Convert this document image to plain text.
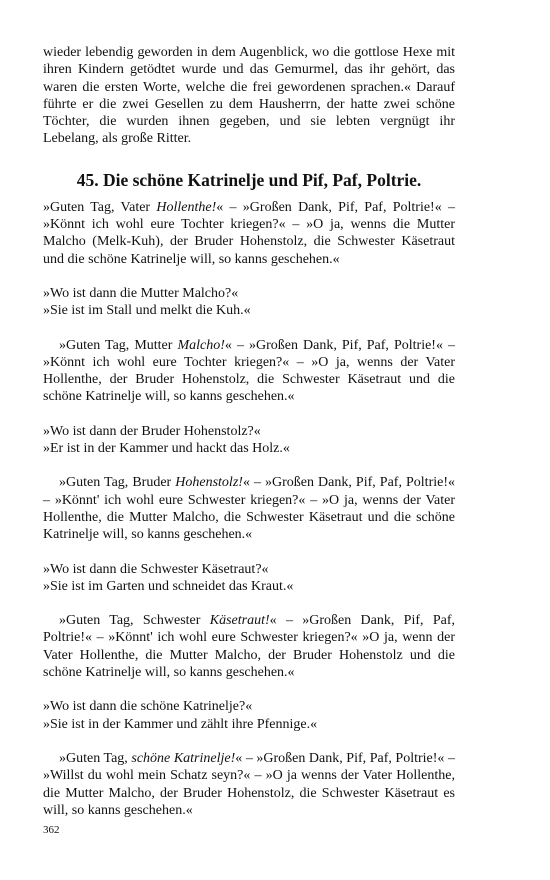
wieder lebendig geworden in dem Augenblick, wo die gottlose Hexe mit ihren Kindern getödtet wurde und das Gemurmel, das ihr gehört, das waren die ersten Worte, welche die frei gewordenen sprachen.« Darauf führte er die zwei Gesellen zu dem Hausherrn, der hatte zwei schöne Töchter, die wurden ihnen gegeben, und sie lebten vergnügt ihr Lebelang, als große Ritter.

45. Die schöne Katrinelje und Pif, Paf, Poltrie.

»Guten Tag, Vater Hollenthe!« – »Großen Dank, Pif, Paf, Poltrie!« – »Könnt ich wohl eure Tochter kriegen?« – »O ja, wenns die Mutter Malcho (Melk-Kuh), der Bruder Hohenstolz, die Schwester Käsetraut und die schöne Katrinelje will, so kanns geschehen.«

»Wo ist dann die Mutter Malcho?«

»Sie ist im Stall und melkt die Kuh.«

»Guten Tag, Mutter Malcho!« – »Großen Dank, Pif, Paf, Poltrie!« – »Könnt ich wohl eure Tochter kriegen?« – »O ja, wenns der Vater Hollenthe, der Bruder Hohenstolz, die Schwester Käsetraut und die schöne Katrinelje will, so kanns geschehen.«

»Wo ist dann der Bruder Hohenstolz?«

»Er ist in der Kammer und hackt das Holz.«

»Guten Tag, Bruder Hohenstolz!« – »Großen Dank, Pif, Paf, Poltrie!« – »Könnt' ich wohl eure Schwester kriegen?« – »O ja, wenns der Vater Hollenthe, die Mutter Malcho, die Schwester Käsetraut und die schöne Katrinelje will, so kanns geschehen.«

»Wo ist dann die Schwester Käsetraut?«

»Sie ist im Garten und schneidet das Kraut.«

»Guten Tag, Schwester Käsetraut!« – »Großen Dank, Pif, Paf, Poltrie!« – »Könnt' ich wohl eure Schwester kriegen?« »O ja, wenn der Vater Hollenthe, die Mutter Malcho, der Bruder Hohenstolz und die schöne Katrinelje will, so kanns geschehen.«

»Wo ist dann die schöne Katrinelje?«

»Sie ist in der Kammer und zählt ihre Pfennige.«

»Guten Tag, schöne Katrinelje!« – »Großen Dank, Pif, Paf, Poltrie!« – »Willst du wohl mein Schatz seyn?« – »O ja wenns der Vater Hollenthe, die Mutter Malcho, der Bruder Hohenstolz, die Schwester Käsetraut es will, so kanns geschehen.«

362
